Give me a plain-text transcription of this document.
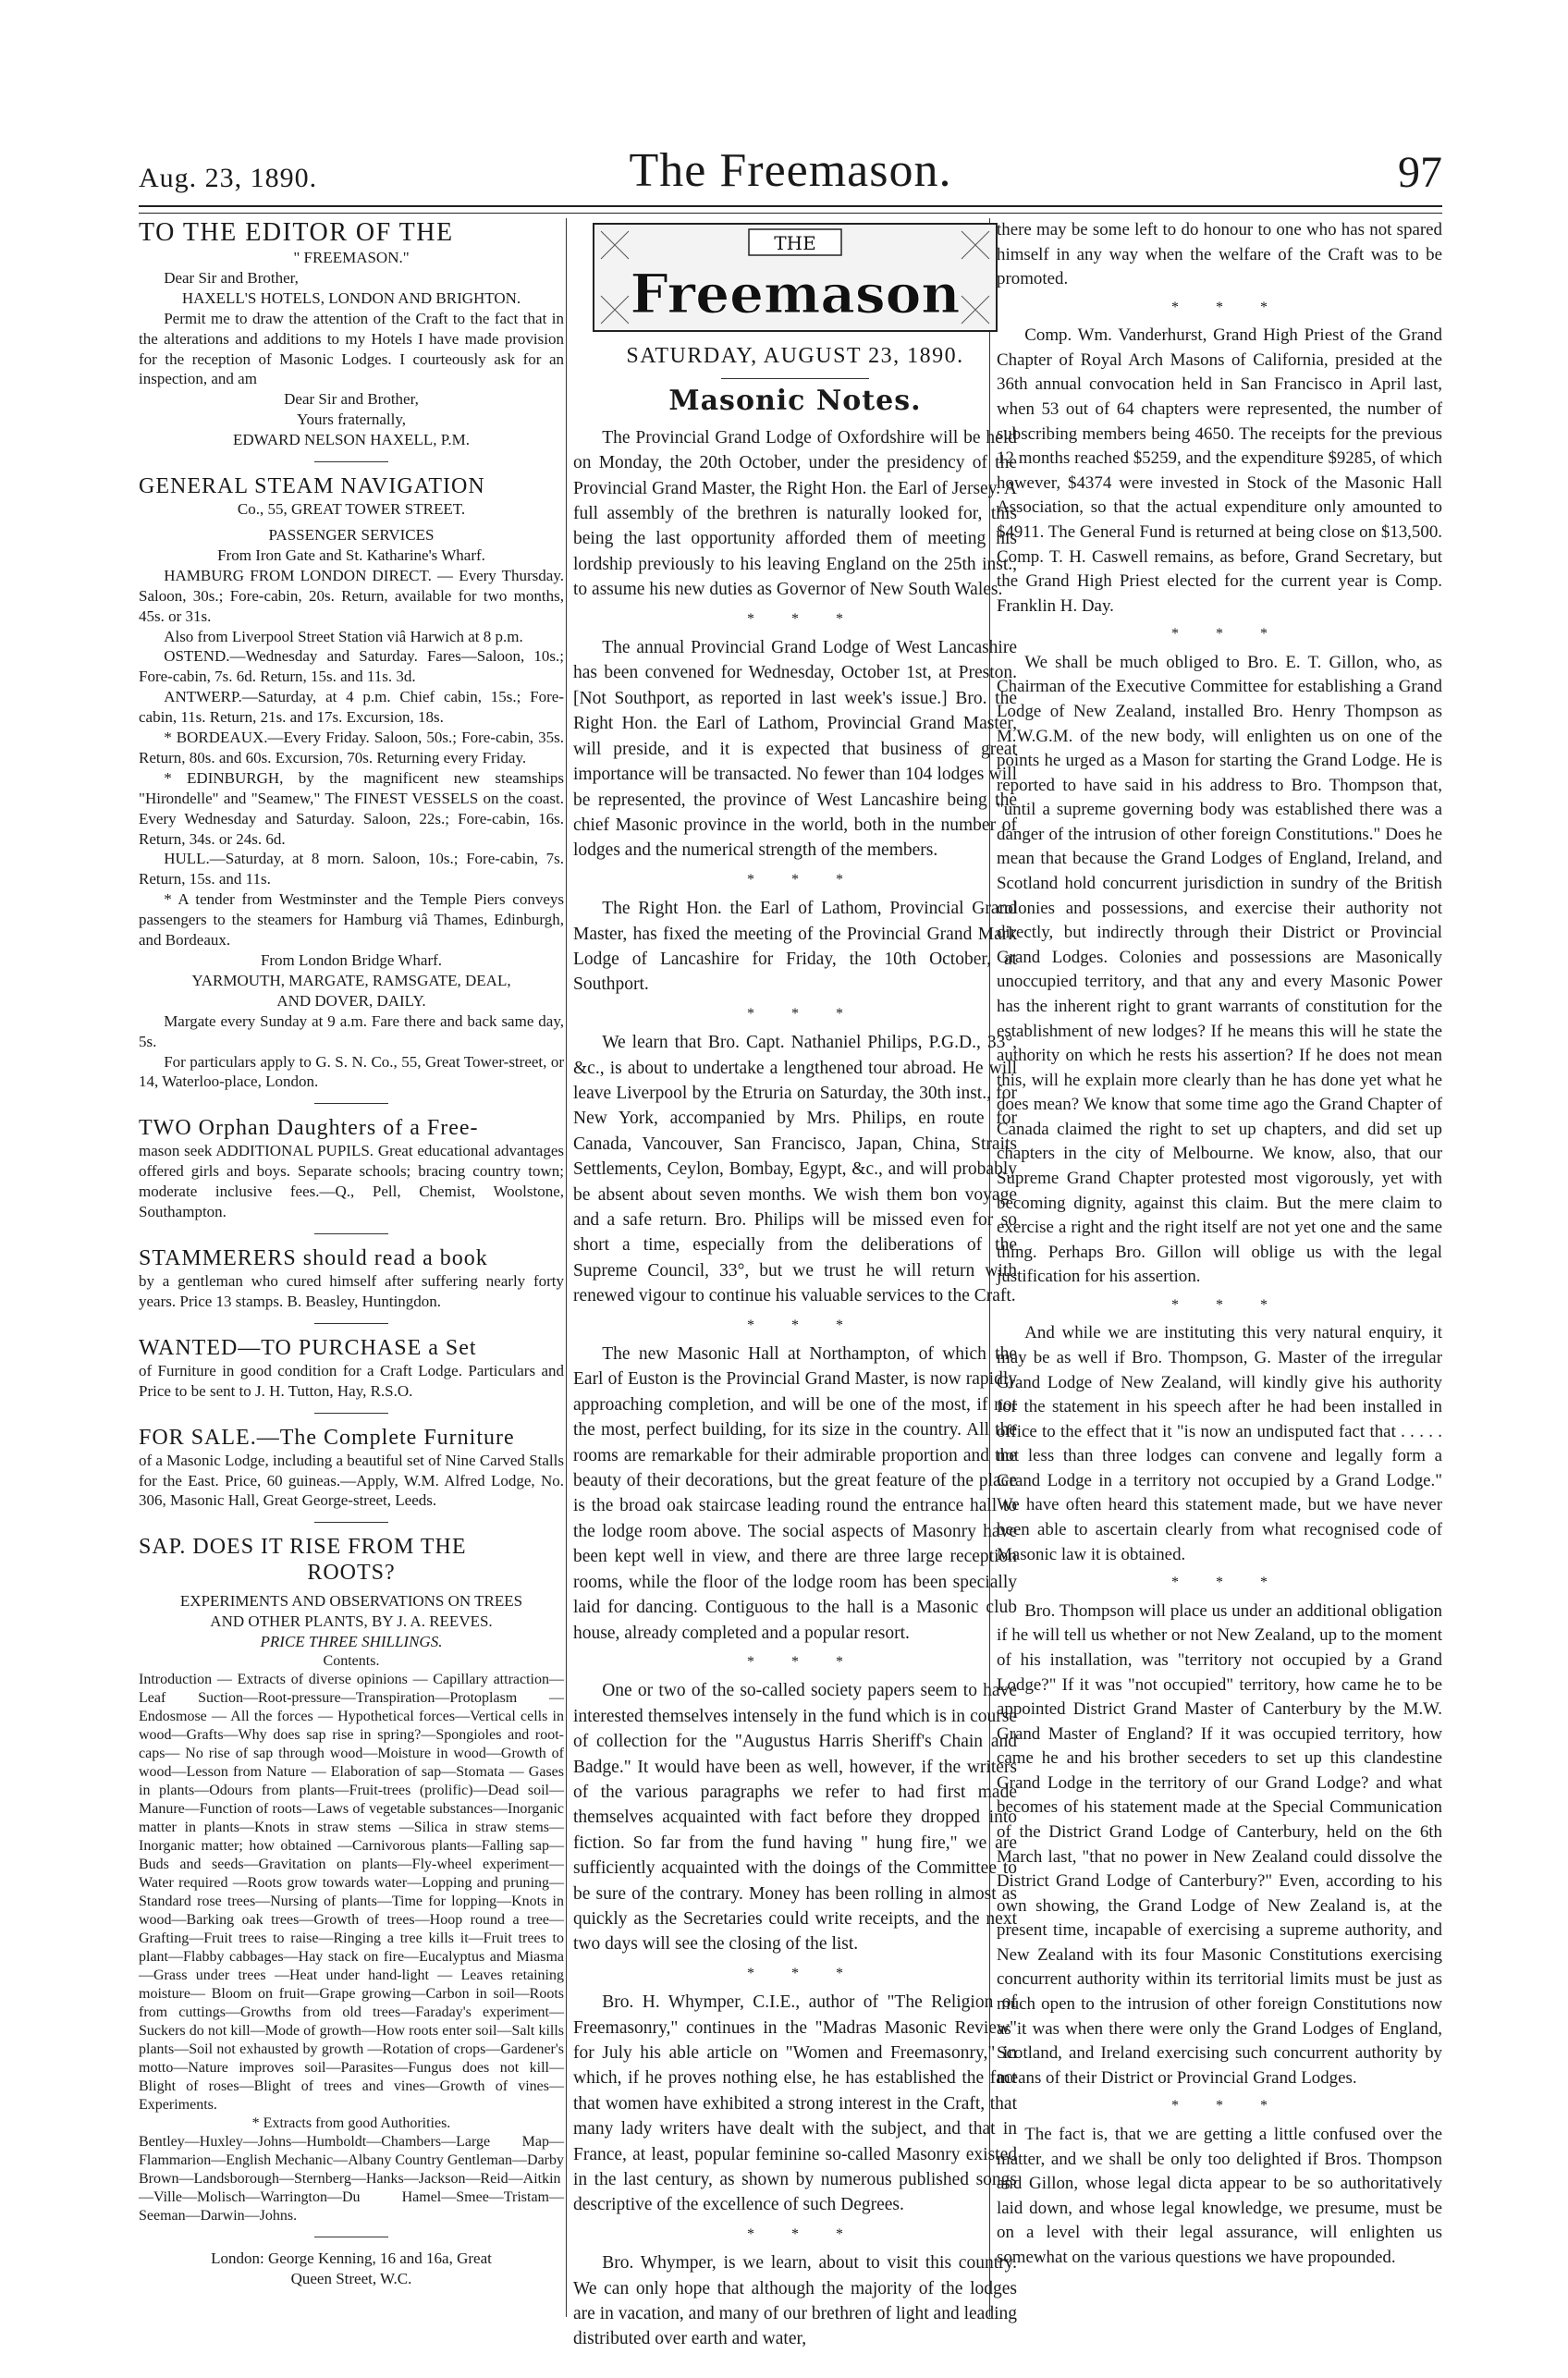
Aug. 23, 1890.	The Freemason.	97
TO THE EDITOR OF THE

" FREEMASON."

Dear Sir and Brother,

HAXELL'S HOTELS, LONDON AND BRIGHTON.

Permit me to draw the attention of the Craft to the fact that in the alterations and additions to my Hotels I have made provision for the reception of Masonic Lodges. I courteously ask for an inspection, and am

Dear Sir and Brother,

Yours fraternally,

EDWARD NELSON HAXELL, P.M.

GENERAL STEAM NAVIGATION

Co., 55, GREAT TOWER STREET.

PASSENGER SERVICES

From Iron Gate and St. Katharine's Wharf.

HAMBURG FROM LONDON DIRECT. — Every Thursday. Saloon, 30s.; Fore-cabin, 20s. Return, available for two months, 45s. or 31s.

Also from Liverpool Street Station viâ Harwich at 8 p.m.

OSTEND.—Wednesday and Saturday. Fares—Saloon, 10s.; Fore-cabin, 7s. 6d. Return, 15s. and 11s. 3d.

ANTWERP.—Saturday, at 4 p.m. Chief cabin, 15s.; Fore-cabin, 11s. Return, 21s. and 17s. Excursion, 18s.

* BORDEAUX.—Every Friday. Saloon, 50s.; Fore-cabin, 35s. Return, 80s. and 60s. Excursion, 70s. Returning every Friday.

* EDINBURGH, by the magnificent new steamships "Hirondelle" and "Seamew," The FINEST VESSELS on the coast. Every Wednesday and Saturday. Saloon, 22s.; Fore-cabin, 16s. Return, 34s. or 24s. 6d.

HULL.—Saturday, at 8 morn. Saloon, 10s.; Fore-cabin, 7s. Return, 15s. and 11s.

* A tender from Westminster and the Temple Piers conveys passengers to the steamers for Hamburg viâ Thames, Edinburgh, and Bordeaux.

From London Bridge Wharf.

YARMOUTH, MARGATE, RAMSGATE, DEAL,

AND DOVER, DAILY.

Margate every Sunday at 9 a.m. Fare there and back same day, 5s.

For particulars apply to G. S. N. Co., 55, Great Tower-street, or 14, Waterloo-place, London.

TWO Orphan Daughters of a Free-

mason seek ADDITIONAL PUPILS. Great educational advantages offered girls and boys. Separate schools; bracing country town; moderate inclusive fees.—Q., Pell, Chemist, Woolstone, Southampton.

STAMMERERS should read a book

by a gentleman who cured himself after suffering nearly forty years. Price 13 stamps. B. Beasley, Huntingdon.

WANTED—TO PURCHASE a Set

of Furniture in good condition for a Craft Lodge. Particulars and Price to be sent to J. H. Tutton, Hay, R.S.O.

FOR SALE.—The Complete Furniture

of a Masonic Lodge, including a beautiful set of Nine Carved Stalls for the East. Price, 60 guineas.—Apply, W.M. Alfred Lodge, No. 306, Masonic Hall, Great George-street, Leeds.

SAP. DOES IT RISE FROM THE

ROOTS?

EXPERIMENTS AND OBSERVATIONS ON TREES

AND OTHER PLANTS, BY J. A. REEVES.

PRICE THREE SHILLINGS.

Contents.

Introduction — Extracts of diverse opinions — Capillary attraction—Leaf Suction—Root-pressure—Transpiration—Protoplasm — Endosmose — All the forces — Hypothetical forces—Vertical cells in wood—Grafts—Why does sap rise in spring?—Spongioles and root-caps— No rise of sap through wood—Moisture in wood—Growth of wood—Lesson from Nature — Elaboration of sap—Stomata — Gases in plants—Odours from plants—Fruit-trees (prolific)—Dead soil—Manure—Function of roots—Laws of vegetable substances—Inorganic matter in plants—Knots in straw stems —Silica in straw stems—Inorganic matter; how obtained —Carnivorous plants—Falling sap—Buds and seeds—Gravitation on plants—Fly-wheel experiment—Water required —Roots grow towards water—Lopping and pruning—Standard rose trees—Nursing of plants—Time for lopping—Knots in wood—Barking oak trees—Growth of trees—Hoop round a tree—Grafting—Fruit trees to raise—Ringing a tree kills it—Fruit trees to plant—Flabby cabbages—Hay stack on fire—Eucalyptus and Miasma—Grass under trees —Heat under hand-light — Leaves retaining moisture— Bloom on fruit—Grape growing—Carbon in soil—Roots from cuttings—Growths from old trees—Faraday's experiment—Suckers do not kill—Mode of growth—How roots enter soil—Salt kills plants—Soil not exhausted by growth —Rotation of crops—Gardener's motto—Nature improves soil—Parasites—Fungus does not kill—Blight of roses—Blight of trees and vines—Growth of vines—Experiments.

* Extracts from good Authorities.

Bentley—Huxley—Johns—Humboldt—Chambers—Large Map—Flammarion—English Mechanic—Albany Country Gentleman—Darby Brown—Landsborough—Sternberg—Hanks—Jackson—Reid—Aitkin—Ville—Molisch—Warrington—Du Hamel—Smee—Tristam—Seeman—Darwin—Johns.

London: George Kenning, 16 and 16a, Great

Queen Street, W.C.

THE
Freemason

SATURDAY, AUGUST 23, 1890.

Masonic Notes.

The Provincial Grand Lodge of Oxfordshire will be held on Monday, the 20th October, under the presidency of the Provincial Grand Master, the Right Hon. the Earl of Jersey. A full assembly of the brethren is naturally looked for, this being the last opportunity afforded them of meeting his lordship previously to his leaving England on the 25th inst., to assume his new duties as Governor of New South Wales.

* * *

The annual Provincial Grand Lodge of West Lancashire has been convened for Wednesday, October 1st, at Preston. [Not Southport, as reported in last week's issue.] Bro. the Right Hon. the Earl of Lathom, Provincial Grand Master, will preside, and it is expected that business of great importance will be transacted. No fewer than 104 lodges will be represented, the province of West Lancashire being the chief Masonic province in the world, both in the number of lodges and the numerical strength of the members.

* * *

The Right Hon. the Earl of Lathom, Provincial Grand Master, has fixed the meeting of the Provincial Grand Mark Lodge of Lancashire for Friday, the 10th October, at Southport.

* * *

We learn that Bro. Capt. Nathaniel Philips, P.G.D., 33°, &c., is about to undertake a lengthened tour abroad. He will leave Liverpool by the Etruria on Saturday, the 30th inst., for New York, accompanied by Mrs. Philips, en route for Canada, Vancouver, San Francisco, Japan, China, Straits Settlements, Ceylon, Bombay, Egypt, &c., and will probably be absent about seven months. We wish them bon voyage and a safe return. Bro. Philips will be missed even for so short a time, especially from the deliberations of the Supreme Council, 33°, but we trust he will return with renewed vigour to continue his valuable services to the Craft.

* * *

The new Masonic Hall at Northampton, of which the Earl of Euston is the Provincial Grand Master, is now rapidly approaching completion, and will be one of the most, if not the most, perfect building, for its size in the country. All the rooms are remarkable for their admirable proportion and the beauty of their decorations, but the great feature of the place is the broad oak staircase leading round the entrance hall to the lodge room above. The social aspects of Masonry have been kept well in view, and there are three large reception rooms, while the floor of the lodge room has been specially laid for dancing. Contiguous to the hall is a Masonic club house, already completed and a popular resort.

* * *

One or two of the so-called society papers seem to have interested themselves intensely in the fund which is in course of collection for the "Augustus Harris Sheriff's Chain and Badge." It would have been as well, however, if the writers of the various paragraphs we refer to had first made themselves acquainted with fact before they dropped into fiction. So far from the fund having " hung fire," we are sufficiently acquainted with the doings of the Committee to be sure of the contrary. Money has been rolling in almost as quickly as the Secretaries could write receipts, and the next two days will see the closing of the list.

* * *

Bro. H. Whymper, C.I.E., author of "The Religion of Freemasonry," continues in the "Madras Masonic Review" for July his able article on "Women and Freemasonry," in which, if he proves nothing else, he has established the fact that women have exhibited a strong interest in the Craft, that many lady writers have dealt with the subject, and that in France, at least, popular feminine so-called Masonry existed in the last century, as shown by numerous published songs descriptive of the excellence of such Degrees.

* * *

Bro. Whymper, is we learn, about to visit this country. We can only hope that although the majority of the lodges are in vacation, and many of our brethren of light and leading distributed over earth and water,

there may be some left to do honour to one who has not spared himself in any way when the welfare of the Craft was to be promoted.

* * *

Comp. Wm. Vanderhurst, Grand High Priest of the Grand Chapter of Royal Arch Masons of California, presided at the 36th annual convocation held in San Francisco in April last, when 53 out of 64 chapters were represented, the number of subscribing members being 4650. The receipts for the previous 12 months reached $5259, and the expenditure $9285, of which however, $4374 were invested in Stock of the Masonic Hall Association, so that the actual expenditure only amounted to $4911. The General Fund is returned at being close on $13,500. Comp. T. H. Caswell remains, as before, Grand Secretary, but the Grand High Priest elected for the current year is Comp. Franklin H. Day.

* * *

We shall be much obliged to Bro. E. T. Gillon, who, as Chairman of the Executive Committee for establishing a Grand Lodge of New Zealand, installed Bro. Henry Thompson as M.W.G.M. of the new body, will enlighten us on one of the points he urged as a Mason for starting the Grand Lodge. He is reported to have said in his address to Bro. Thompson that, "until a supreme governing body was established there was a danger of the intrusion of other foreign Constitutions." Does he mean that because the Grand Lodges of England, Ireland, and Scotland hold concurrent jurisdiction in sundry of the British colonies and possessions, and exercise their authority not directly, but indirectly through their District or Provincial Grand Lodges. Colonies and possessions are Masonically unoccupied territory, and that any and every Masonic Power has the inherent right to grant warrants of constitution for the establishment of new lodges? If he means this will he state the authority on which he rests his assertion? If he does not mean this, will he explain more clearly than he has done yet what he does mean? We know that some time ago the Grand Chapter of Canada claimed the right to set up chapters, and did set up chapters in the city of Melbourne. We know, also, that our Supreme Grand Chapter protested most vigorously, yet with becoming dignity, against this claim. But the mere claim to exercise a right and the right itself are not yet one and the same thing. Perhaps Bro. Gillon will oblige us with the legal justification for his assertion.

* * *

And while we are instituting this very natural enquiry, it may be as well if Bro. Thompson, G. Master of the irregular Grand Lodge of New Zealand, will kindly give his authority for the statement in his speech after he had been installed in office to the effect that it "is now an undisputed fact that . . . . . not less than three lodges can convene and legally form a Grand Lodge in a territory not occupied by a Grand Lodge." We have often heard this statement made, but we have never been able to ascertain clearly from what recognised code of Masonic law it is obtained.

* * *

Bro. Thompson will place us under an additional obligation if he will tell us whether or not New Zealand, up to the moment of his installation, was "territory not occupied by a Grand Lodge?" If it was "not occupied" territory, how came he to be appointed District Grand Master of Canterbury by the M.W. Grand Master of England? If it was occupied territory, how came he and his brother seceders to set up this clandestine Grand Lodge in the territory of our Grand Lodge? and what becomes of his statement made at the Special Communication of the District Grand Lodge of Canterbury, held on the 6th March last, "that no power in New Zealand could dissolve the District Grand Lodge of Canterbury?" Even, according to his own showing, the Grand Lodge of New Zealand is, at the present time, incapable of exercising a supreme authority, and New Zealand with its four Masonic Constitutions exercising concurrent authority within its territorial limits must be just as much open to the intrusion of other foreign Constitutions now as it was when there were only the Grand Lodges of England, Scotland, and Ireland exercising such concurrent authority by means of their District or Provincial Grand Lodges.

* * *

The fact is, that we are getting a little confused over the matter, and we shall be only too delighted if Bros. Thompson and Gillon, whose legal dicta appear to be so authoritatively laid down, and whose legal knowledge, we presume, must be on a level with their legal assurance, will enlighten us somewhat on the various questions we have propounded.
